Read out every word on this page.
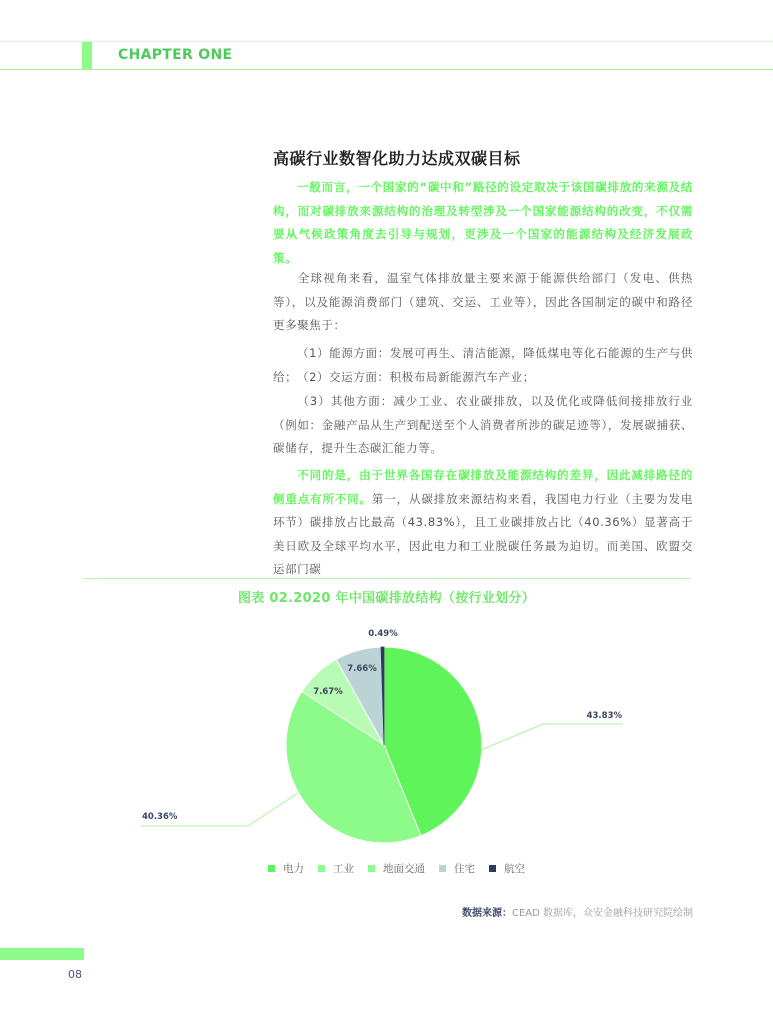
CHAPTER ONE
高碳行业数智化助力达成双碳目标
一般而言，一个国家的“碳中和”路径的设定取决于该国碳排放的来源及结构，而对碳排放来源结构的治理及转型涉及一个国家能源结构的改变，不仅需要从气候政策角度去引导与规划，更涉及一个国家的能源结构及经济发展政策。
全球视角来看，温室气体排放量主要来源于能源供给部门（发电、供热等），以及能源消费部门（建筑、交运、工业等），因此各国制定的碳中和路径更多聚焦于：
（1）能源方面：发展可再生、清洁能源，降低煤电等化石能源的生产与供给； （2）交运方面：积极布局新能源汽车产业；
（3）其他方面：减少工业、农业碳排放，以及优化或降低间接排放行业（例如：金融产品从生产到配送至个人消费者所涉的碳足迹等），发展碳捕获、碳储存，提升生态碳汇能力等。
不同的是，由于世界各国存在碳排放及能源结构的差异，因此减排路径的侧重点有所不同。第一，从碳排放来源结构来看，我国电力行业（主要为发电环节）碳排放占比最高（43.83%），且工业碳排放占比（40.36%）显著高于美日欧及全球平均水平，因此电力和工业脱碳任务最为迫切。而美国、欧盟交运部门碳
图表 02.2020 年中国碳排放结构（按行业划分）
0.49%
7.66%
7.67%
43.83%
40.36%
电力	工业	地面交通	住宅	航空
数据来源：CEAD 数据库，众安金融科技研究院绘制
08
